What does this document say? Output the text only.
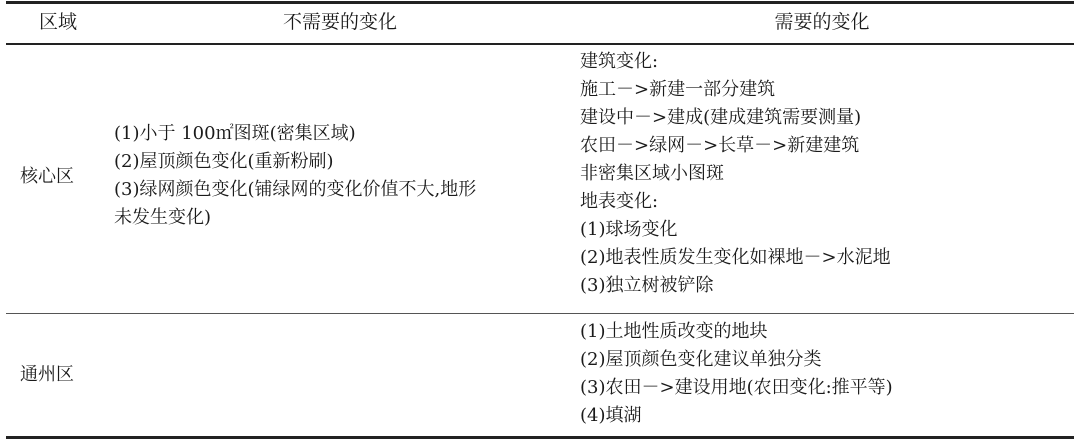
区域	不需要的变化	需要的变化
核心区
(1)小于 100㎡图斑(密集区域)
(2)屋顶颜色变化(重新粉刷)
(3)绿网颜色变化(铺绿网的变化价值不大,地形
未发生变化)
建筑变化:
施工－>新建一部分建筑
建设中－>建成(建成建筑需要测量)
农田－>绿网－>长草－>新建建筑
非密集区域小图斑
地表变化:
(1)球场变化
(2)地表性质发生变化如裸地－>水泥地
(3)独立树被铲除
通州区
(1)土地性质改变的地块
(2)屋顶颜色变化建议单独分类
(3)农田－>建设用地(农田变化:推平等)
(4)填湖
